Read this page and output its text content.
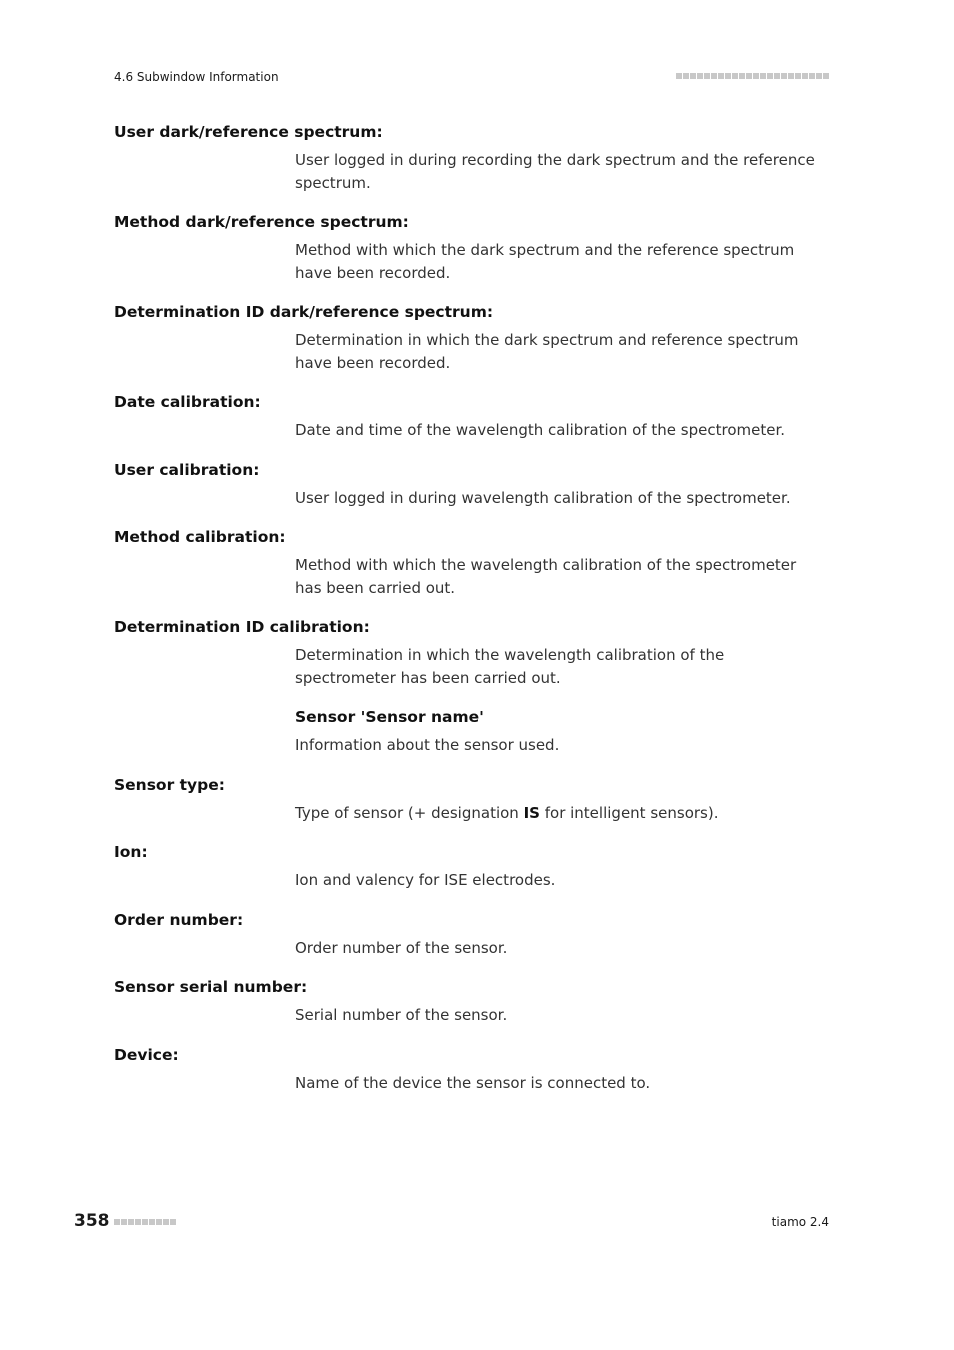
4.6 Subwindow Information
User dark/reference spectrum:
User logged in during recording the dark spectrum and the reference spectrum.
Method dark/reference spectrum:
Method with which the dark spectrum and the reference spectrum have been recorded.
Determination ID dark/reference spectrum:
Determination in which the dark spectrum and reference spectrum have been recorded.
Date calibration:
Date and time of the wavelength calibration of the spectrometer.
User calibration:
User logged in during wavelength calibration of the spectrometer.
Method calibration:
Method with which the wavelength calibration of the spectrometer has been carried out.
Determination ID calibration:
Determination in which the wavelength calibration of the spectrometer has been carried out.
Sensor 'Sensor name'
Information about the sensor used.
Sensor type:
Type of sensor (+ designation IS for intelligent sensors).
Ion:
Ion and valency for ISE electrodes.
Order number:
Order number of the sensor.
Sensor serial number:
Serial number of the sensor.
Device:
Name of the device the sensor is connected to.
358	tiamo 2.4
